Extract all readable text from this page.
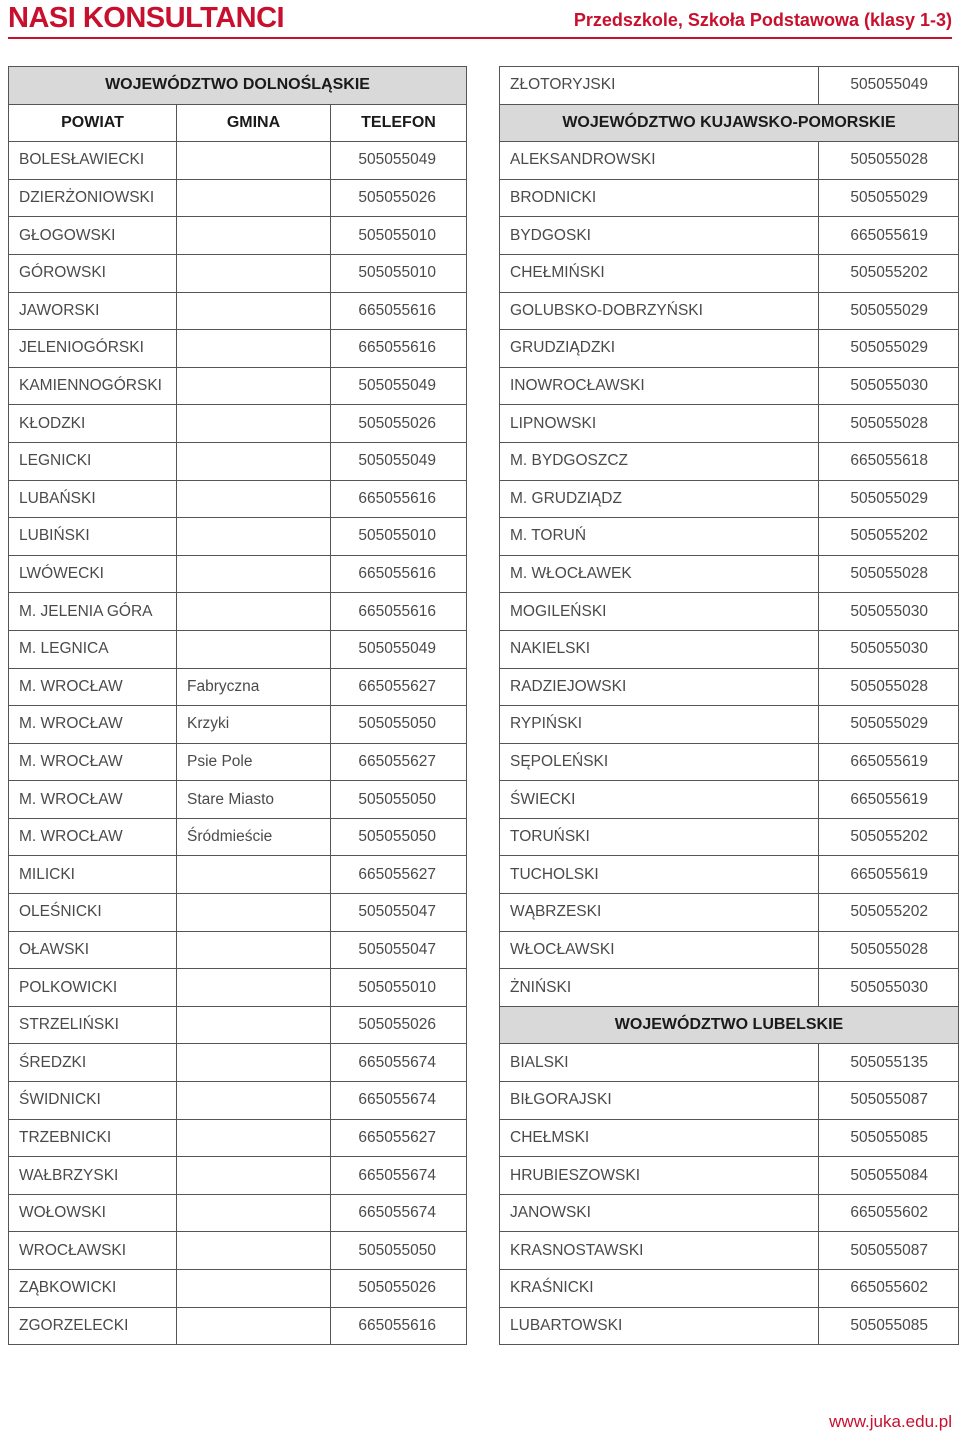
NASI KONSULTANCI	Przedszkole, Szkoła Podstawowa (klasy 1-3)
WOJEWÓDZTWO DOLNOŚLĄSKIE		
POWIAT	GMINA	TELEFON
BOLESŁAWIECKI		505055049
DZIERŻONIOWSKI		505055026
GŁOGOWSKI		505055010
GÓROWSKI		505055010
JAWORSKI		665055616
JELENIOGÓRSKI		665055616
KAMIENNOGÓRSKI		505055049
KŁODZKI		505055026
LEGNICKI		505055049
LUBAŃSKI		665055616
LUBIŃSKI		505055010
LWÓWECKI		665055616
M. JELENIA GÓRA		665055616
M. LEGNICA		505055049
M. WROCŁAW	Fabryczna	665055627
M. WROCŁAW	Krzyki	505055050
M. WROCŁAW	Psie Pole	665055627
M. WROCŁAW	Stare Miasto	505055050
M. WROCŁAW	Śródmieście	505055050
MILICKI		665055627
OLEŚNICKI		505055047
OŁAWSKI		505055047
POLKOWICKI		505055010
STRZELIŃSKI		505055026
ŚREDZKI		665055674
ŚWIDNICKI		665055674
TRZEBNICKI		665055627
WAŁBRZYSKI		665055674
WOŁOWSKI		665055674
WROCŁAWSKI		505055050
ZĄBKOWICKI		505055026
ZGORZELECKI		665055616
ZŁOTORYJSKI	505055049
WOJEWÓDZTWO KUJAWSKO-POMORSKIE	
ALEKSANDROWSKI	505055028
BRODNICKI	505055029
BYDGOSKI	665055619
CHEŁMIŃSKI	505055202
GOLUBSKO-DOBRZYŃSKI	505055029
GRUDZIĄDZKI	505055029
INOWROCŁAWSKI	505055030
LIPNOWSKI	505055028
M. BYDGOSZCZ	665055618
M. GRUDZIĄDZ	505055029
M. TORUŃ	505055202
M. WŁOCŁAWEK	505055028
MOGILEŃSKI	505055030
NAKIELSKI	505055030
RADZIEJOWSKI	505055028
RYPIŃSKI	505055029
SĘPOLEŃSKI	665055619
ŚWIECKI	665055619
TORUŃSKI	505055202
TUCHOLSKI	665055619
WĄBRZESKI	505055202
WŁOCŁAWSKI	505055028
ŻNIŃSKI	505055030
WOJEWÓDZTWO LUBELSKIE	
BIALSKI	505055135
BIŁGORAJSKI	505055087
CHEŁMSKI	505055085
HRUBIESZOWSKI	505055084
JANOWSKI	665055602
KRASNOSTAWSKI	505055087
KRAŚNICKI	665055602
LUBARTOWSKI	505055085
www.juka.edu.pl
